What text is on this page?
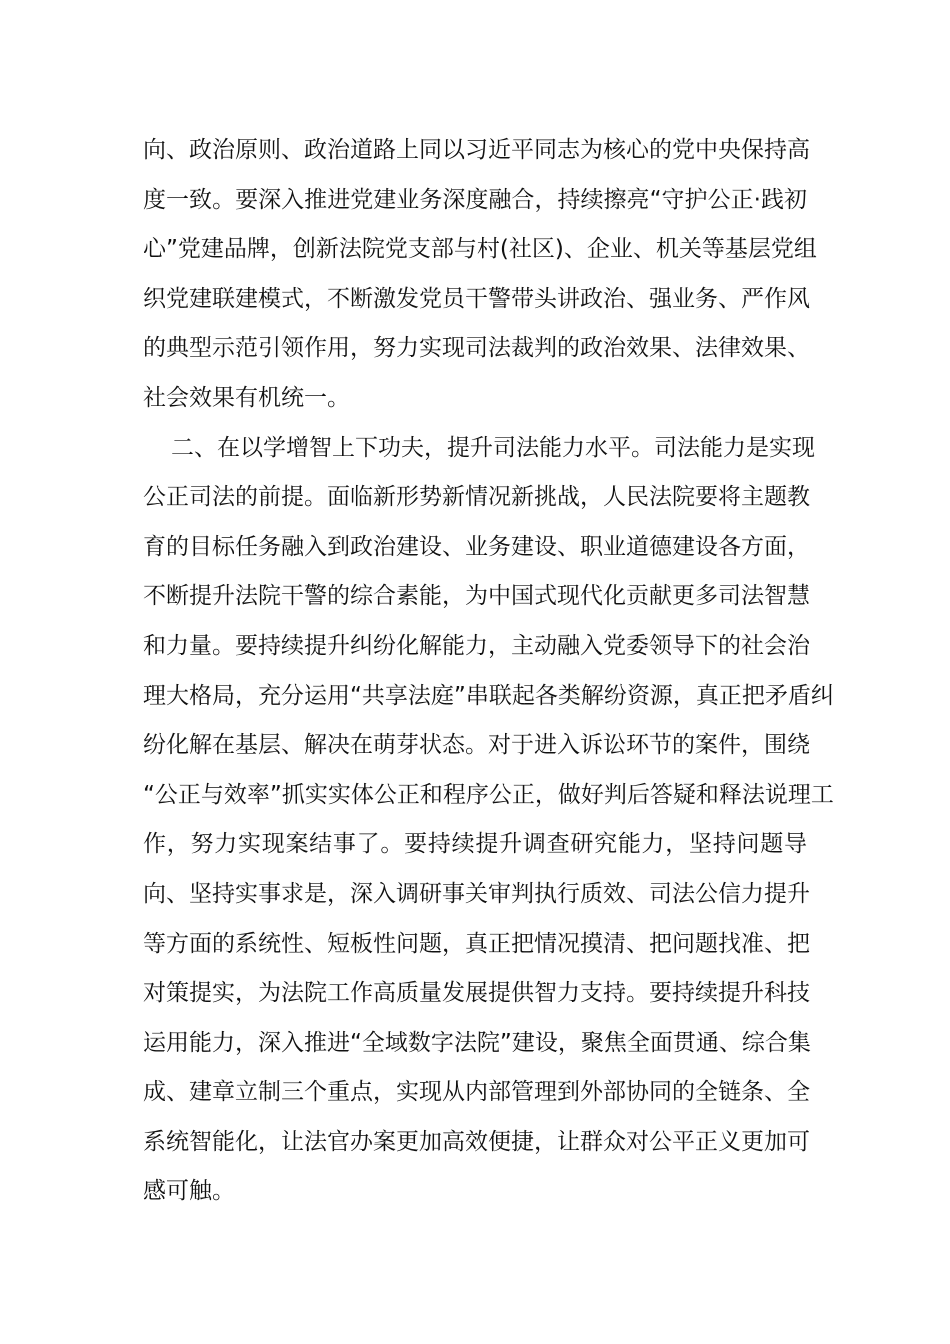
向、政治原则、政治道路上同以习近平同志为核心的党中央保持高
度一致。要深入推进党建业务深度融合，持续擦亮“守护公正·践初
心”党建品牌，创新法院党支部与村(社区)、企业、机关等基层党组
织党建联建模式，不断激发党员干警带头讲政治、强业务、严作风
的典型示范引领作用，努力实现司法裁判的政治效果、法律效果、
社会效果有机统一。
二、在以学增智上下功夫，提升司法能力水平。司法能力是实现
公正司法的前提。面临新形势新情况新挑战，人民法院要将主题教
育的目标任务融入到政治建设、业务建设、职业道德建设各方面，
不断提升法院干警的综合素能，为中国式现代化贡献更多司法智慧
和力量。要持续提升纠纷化解能力，主动融入党委领导下的社会治
理大格局，充分运用“共享法庭”串联起各类解纷资源，真正把矛盾纠
纷化解在基层、解决在萌芽状态。对于进入诉讼环节的案件，围绕
“公正与效率”抓实实体公正和程序公正，做好判后答疑和释法说理工
作，努力实现案结事了。要持续提升调查研究能力，坚持问题导
向、坚持实事求是，深入调研事关审判执行质效、司法公信力提升
等方面的系统性、短板性问题，真正把情况摸清、把问题找准、把
对策提实，为法院工作高质量发展提供智力支持。要持续提升科技
运用能力，深入推进“全域数字法院”建设，聚焦全面贯通、综合集
成、建章立制三个重点，实现从内部管理到外部协同的全链条、全
系统智能化，让法官办案更加高效便捷，让群众对公平正义更加可
感可触。
